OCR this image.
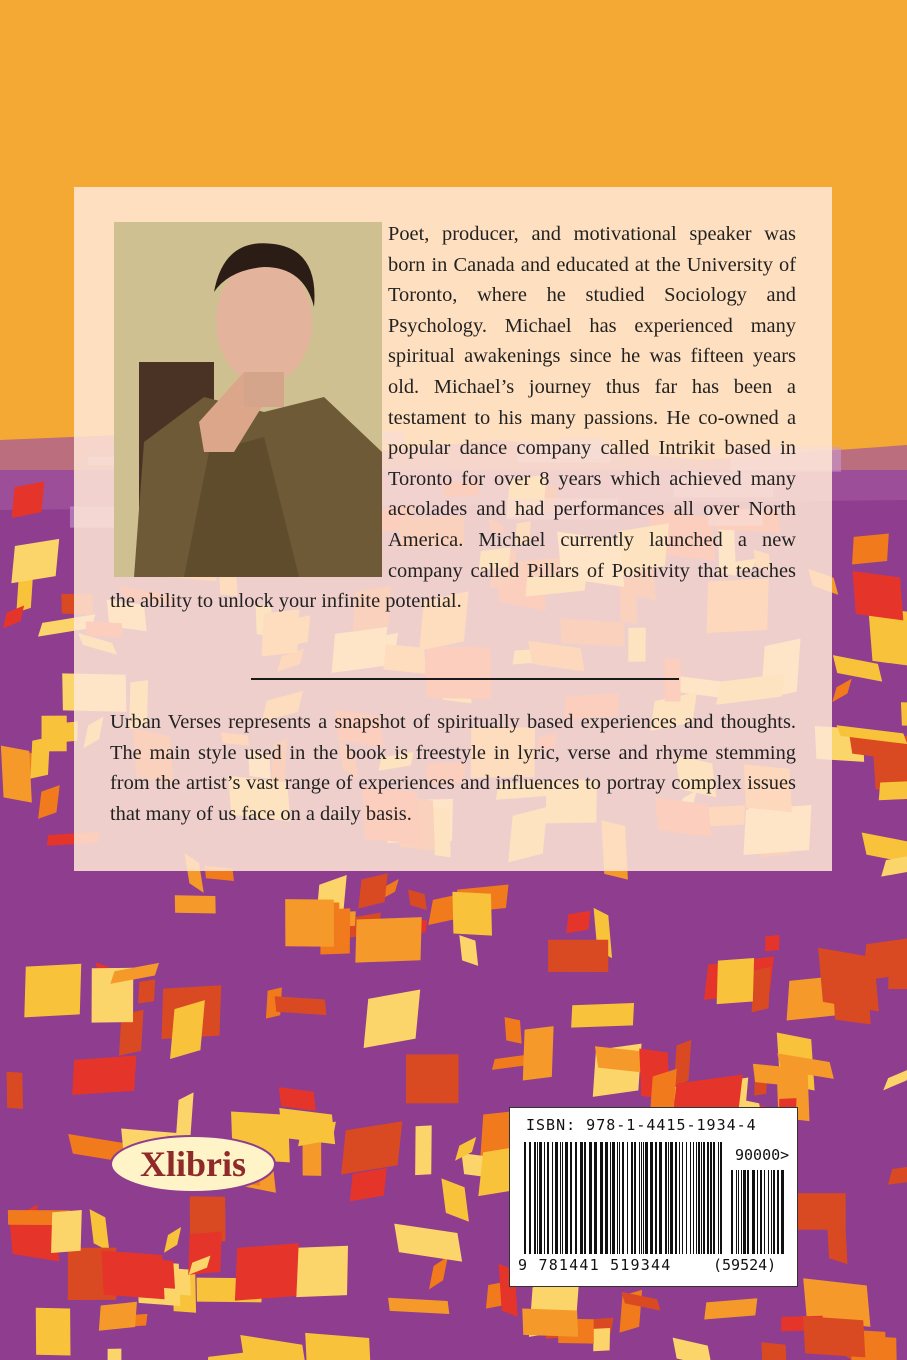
Poet, producer, and motivational speaker was born in Canada and educated at the University of Toronto, where he studied Sociology and Psychology. Michael has experienced many spiritual awakenings since he was fifteen years old. Michael’s journey thus far has been a testament to his many passions. He co-owned a popular dance company called Intrikit based in Toronto for over 8 years which achieved many accolades and had performances all over North America. Michael currently launched a new company called Pillars of Positivity that teaches the ability to unlock your infinite potential.

Urban Verses represents a snapshot of spiritually based experiences and thoughts. The main style used in the book is freestyle in lyric, verse and rhyme stemming from the artist’s vast range of experiences and influences to portray complex issues that many of us face on a daily basis.

Xlibris
ISBN: 978-1-4415-1934-4
90000>
9 781441 519344	(59524)
